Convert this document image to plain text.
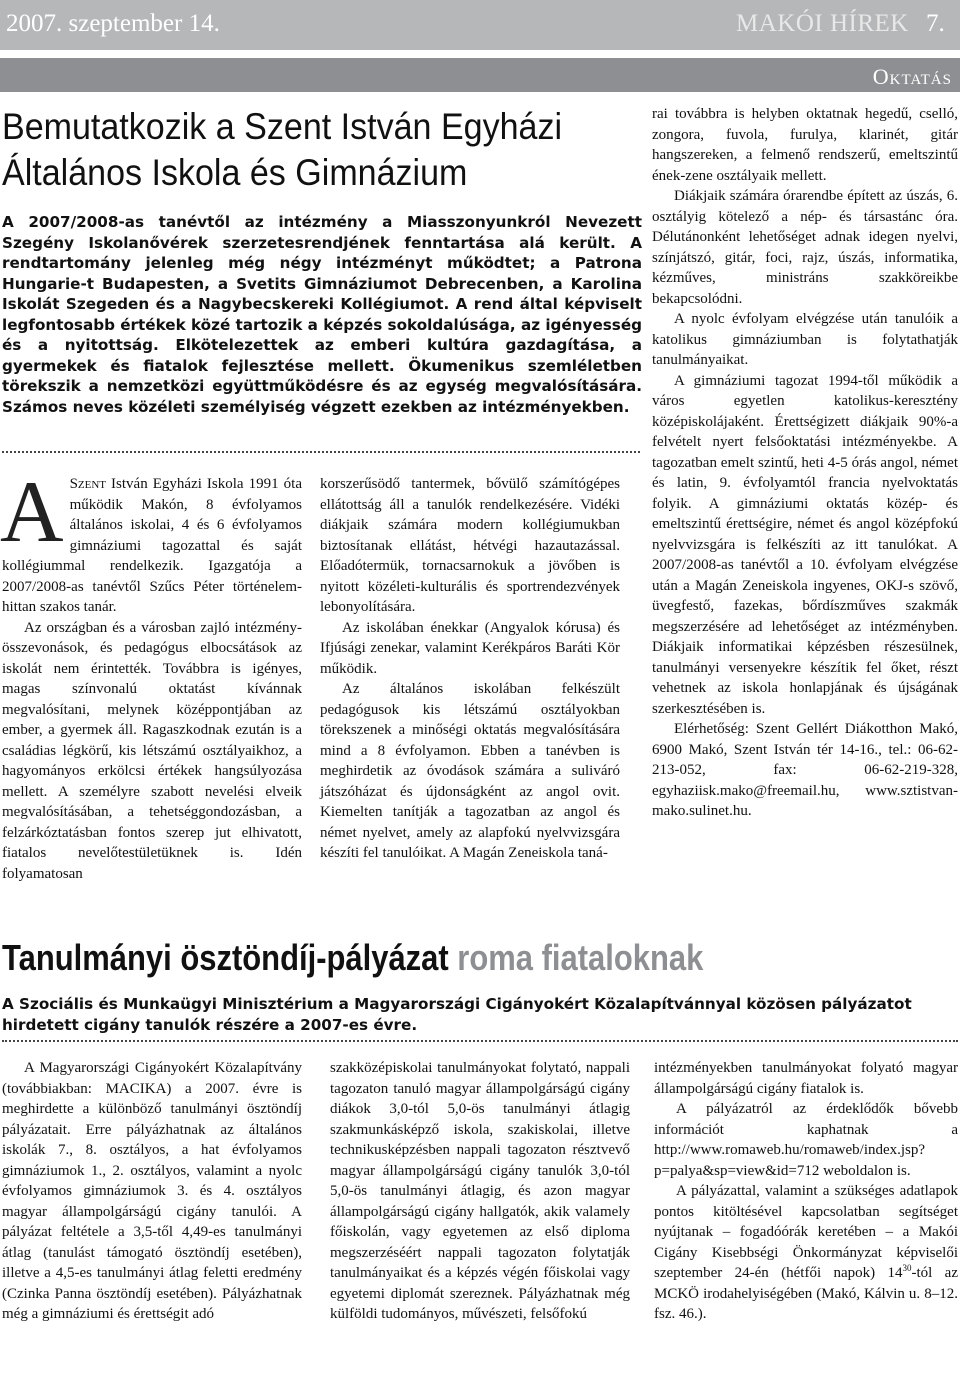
2007. szeptember 14.	MAKÓI HÍREK 7.
Oktatás
Bemutatkozik a Szent István Egyházi
Általános Iskola és Gimnázium
A 2007/2008-as tanévtől az intézmény a Miasszonyunkról Nevezett Szegény Iskolanővérek szerzetesrendjének fenntartása alá került. A rendtartomány jelenleg még négy intézményt működtet; a Patrona Hungarie-t Budapesten, a Svetits Gimnáziumot Debrecenben, a Karolina Iskolát Szegeden és a Nagybecskereki Kollégiumot. A rend által képviselt legfontosabb értékek közé tartozik a képzés sokoldalúsága, az igényesség és a nyitottság. Elkötelezettek az emberi kultúra gazdagítása, a gyermekek és fiatalok fejlesztése mellett. Ökumenikus szemléletben törekszik a nemzetközi együttműködésre és az egység megvalósítására. Számos neves közéleti személyiség végzett ezekben az intézményekben.

A Szent István Egyházi Iskola 1991 óta működik Makón, 8 évfolyamos általános iskolai, 4 és 6 évfolyamos gimnáziumi tagozattal és saját kollégiummal rendelkezik. Igazgatója a 2007/2008-as tanévtől Szűcs Péter történelem-hittan szakos tanár.

Az országban és a városban zajló intézmény-összevonások, és pedagógus elbocsátások az iskolát nem érintették. Továbbra is igényes, magas színvonalú oktatást kívánnak megvalósítani, melynek középpontjában az ember, a gyermek áll. Ragaszkodnak ezután is a családias légkörű, kis létszámú osztályaikhoz, a hagyományos erkölcsi értékek hangsúlyozása mellett. A személyre szabott nevelési elveik megvalósításában, a tehetséggondozásban, a felzárkóztatásban fontos szerep jut elhivatott, fiatalos nevelőtestületüknek is. Idén folyamatosan

korszerűsödő tantermek, bővülő számítógépes ellátottság áll a tanulók rendelkezésére. Vidéki diákjaik számára modern kollégiumukban biztosítanak ellátást, hétvégi hazautazással. Előadótermük, tornacsarnokuk a jövőben is nyitott közéleti-kulturális és sportrendezvények lebonyolítására.

Az iskolában énekkar (Angyalok kórusa) és Ifjúsági zenekar, valamint Kerékpáros Baráti Kör működik.

Az általános iskolában felkészült pedagógusok kis létszámú osztályokban törekszenek a minőségi oktatás megvalósítására mind a 8 évfolyamon. Ebben a tanévben is meghirdetik az óvodások számára a suliváró játszóházat és újdonságként az angol ovit. Kiemelten tanítják a tagozatban az angol és német nyelvet, amely az alapfokú nyelvvizsgára készíti fel tanulóikat. A Magán Zeneiskola taná-

rai továbbra is helyben oktatnak hegedű, cselló, zongora, fuvola, furulya, klarinét, gitár hangszereken, a felmenő rendszerű, emeltszintű ének-zene osztályaik mellett.

Diákjaik számára órarendbe épített az úszás, 6. osztályig kötelező a nép- és társastánc óra. Délutánonként lehetőséget adnak idegen nyelvi, színjátszó, gitár, foci, rajz, úszás, informatika, kézműves, ministráns szakköreikbe bekapcsolódni.

A nyolc évfolyam elvégzése után tanulóik a katolikus gimnáziumban is folytathatják tanulmányaikat.

A gimnáziumi tagozat 1994-től működik a város egyetlen katolikus-keresztény középiskolájaként. Érettségizett diákjaik 90%-a felvételt nyert felsőoktatási intézményekbe. A tagozatban emelt szintű, heti 4-5 órás angol, német és latin, 9. évfolyamtól francia nyelvoktatás folyik. A gimnáziumi oktatás közép- és emeltszintű érettségire, német és angol középfokú nyelvvizsgára is felkészíti az itt tanulókat. A 2007/2008-as tanévtől a 10. évfolyam elvégzése után a Magán Zeneiskola ingyenes, OKJ-s szövő, üvegfestő, fazekas, bőrdíszműves szakmák megszerzésére ad lehetőséget az intézményben. Diákjaik informatikai képzésben részesülnek, tanulmányi versenyekre készítik fel őket, részt vehetnek az iskola honlapjának és újságának szerkesztésében is.

Elérhetőség: Szent Gellért Diákotthon Makó, 6900 Makó, Szent István tér 14-16., tel.: 06-62-213-052, fax: 06-62-219-328, egyhaziisk.mako@freemail.hu, www.sztistvan-mako.sulinet.hu.

Tanulmányi ösztöndíj-pályázat roma fiataloknak
A Szociális és Munkaügyi Minisztérium a Magyarországi Cigányokért Közalapítvánnyal közösen pályázatot hirdetett cigány tanulók részére a 2007-es évre.

A Magyarországi Cigányokért Közalapítvány (továbbiakban: MACIKA) a 2007. évre is meghirdette a különböző tanulmányi ösztöndíj pályázatait. Erre pályázhatnak az általános iskolák 7., 8. osztályos, a hat évfolyamos gimnáziumok 1., 2. osztályos, valamint a nyolc évfolyamos gimnáziumok 3. és 4. osztályos magyar állampolgárságú cigány tanulói. A pályázat feltétele a 3,5-től 4,49-es tanulmányi átlag (tanulást támogató ösztöndíj esetében), illetve a 4,5-es tanulmányi átlag feletti eredmény (Czinka Panna ösztöndíj esetében). Pályázhatnak még a gimnáziumi és érettségit adó

szakközépiskolai tanulmányokat folytató, nappali tagozaton tanuló magyar állampolgárságú cigány diákok 3,0-tól 5,0-ös tanulmányi átlagig szakmunkásképző iskola, szakiskolai, illetve technikusképzésben nappali tagozaton résztvevő magyar állampolgárságú cigány tanulók 3,0-tól 5,0-ös tanulmányi átlagig, és azon magyar állampolgárságú cigány hallgatók, akik valamely főiskolán, vagy egyetemen az első diploma megszerzéséért nappali tagozaton folytatják tanulmányaikat és a képzés végén főiskolai vagy egyetemi diplomát szereznek. Pályázhatnak még külföldi tudományos, művészeti, felsőfokú

intézményekben tanulmányokat folyató magyar állampolgárságú cigány fiatalok is.

A pályázatról az érdeklődők bővebb információt kaphatnak a http://www.romaweb.hu/romaweb/index.jsp?p=palya&sp=view&id=712 weboldalon is.

A pályázattal, valamint a szükséges adatlapok pontos kitöltésével kapcsolatban segítséget nyújtanak – fogadóórák keretében – a Makói Cigány Kisebbségi Önkormányzat képviselői szeptember 24-én (hétfői napok) $14^{30}$-tól az MCKÖ irodahelyiségében (Makó, Kálvin u. 8–12. fsz. 46.).
